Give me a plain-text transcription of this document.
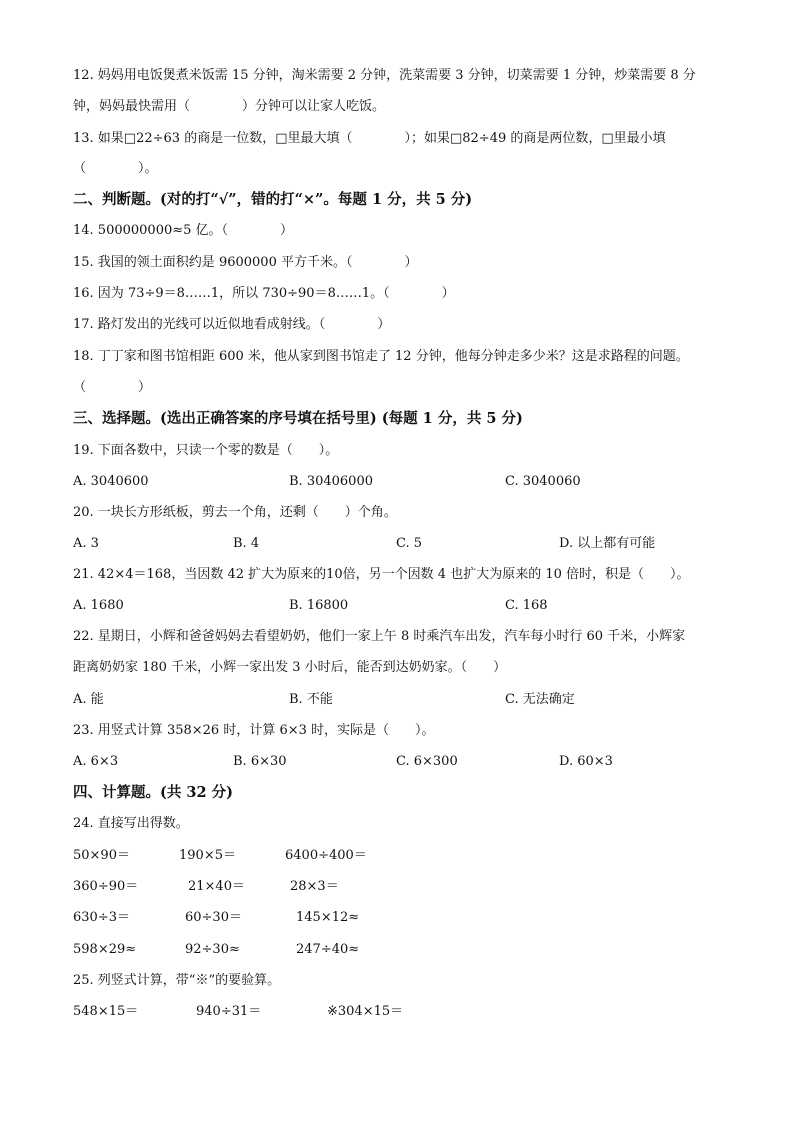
12. 妈妈用电饭煲煮米饭需 15 分钟，淘米需要 2 分钟，洗菜需要 3 分钟，切菜需要 1 分钟，炒菜需要 8 分
钟，妈妈最快需用（　　　　）分钟可以让家人吃饭。
13. 如果□22÷63 的商是一位数，□里最大填（　　　　）；如果□82÷49 的商是两位数，□里最小填
（　　　　）。
二、判断题。(对的打“√”，错的打“×”。每题 1 分，共 5 分)
14. 500000000≈5 亿。（　　　　）
15. 我国的领土面积约是 9600000 平方千米。（　　　　）
16. 因为 73÷9＝8……1，所以 730÷90＝8……1。（　　　　）
17. 路灯发出的光线可以近似地看成射线。（　　　　）
18. 丁丁家和图书馆相距 600 米，他从家到图书馆走了 12 分钟，他每分钟走多少米？这是求路程的问题。
（　　　　）
三、选择题。(选出正确答案的序号填在括号里) (每题 1 分，共 5 分)
19. 下面各数中，只读一个零的数是（　　）。
A. 3040600	B. 30406000	C. 3040060
20. 一块长方形纸板，剪去一个角，还剩（　　）个角。
A. 3	B. 4	C. 5	D. 以上都有可能
21. 42×4＝168，当因数 42 扩大为原来的10倍，另一个因数 4 也扩大为原来的 10 倍时，积是（　　）。
A. 1680	B. 16800	C. 168
22. 星期日，小辉和爸爸妈妈去看望奶奶，他们一家上午 8 时乘汽车出发，汽车每小时行 60 千米，小辉家
距离奶奶家 180 千米，小辉一家出发 3 小时后，能否到达奶奶家。（　　）
A. 能	B. 不能	C. 无法确定
23. 用竖式计算 358×26 时，计算 6×3 时，实际是（　　）。
A. 6×3	B. 6×30	C. 6×300	D. 60×3
四、计算题。(共 32 分)
24. 直接写出得数。
50×90＝	190×5＝	6400÷400＝
360÷90＝	21×40＝	28×3＝
630÷3＝	60÷30＝	145×12≈
598×29≈	92÷30≈	247÷40≈
25. 列竖式计算，带“※”的要验算。
548×15＝	940÷31＝	※304×15＝
